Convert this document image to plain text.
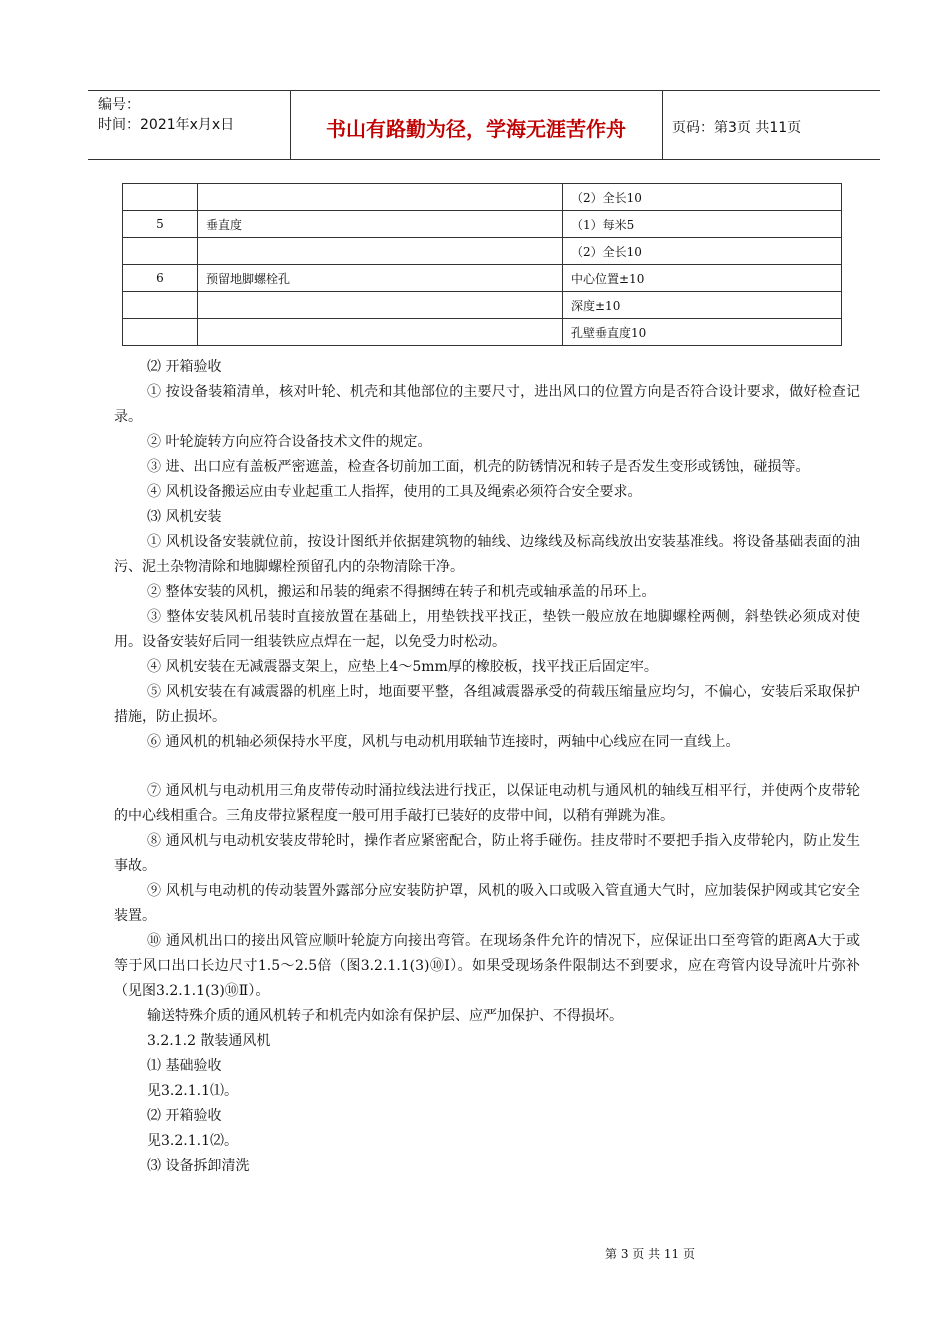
编号：
时间：2021年x月x日	书山有路勤为径，学海无涯苦作舟	页码：第3页 共11页
		（2）全长10
5	垂直度	（1）每米5
		（2）全长10
6	预留地脚螺栓孔	中心位置±10
		深度±10
		孔壁垂直度10

⑵ 开箱验收

① 按设备装箱清单，核对叶轮、机壳和其他部位的主要尺寸，进出风口的位置方向是否符合设计要求，做好检查记录。

② 叶轮旋转方向应符合设备技术文件的规定。

③ 进、出口应有盖板严密遮盖，检查各切前加工面，机壳的防锈情况和转子是否发生变形或锈蚀，碰损等。

④ 风机设备搬运应由专业起重工人指挥，使用的工具及绳索必须符合安全要求。

⑶ 风机安装

① 风机设备安装就位前，按设计图纸并依据建筑物的轴线、边缘线及标高线放出安装基准线。将设备基础表面的油污、泥土杂物清除和地脚螺栓预留孔内的杂物清除干净。

② 整体安装的风机，搬运和吊装的绳索不得捆缚在转子和机壳或轴承盖的吊环上。

③ 整体安装风机吊装时直接放置在基础上，用垫铁找平找正，垫铁一般应放在地脚螺栓两侧，斜垫铁必须成对使用。设备安装好后同一组装铁应点焊在一起，以免受力时松动。

④ 风机安装在无减震器支架上，应垫上4～5mm厚的橡胶板，找平找正后固定牢。

⑤ 风机安装在有减震器的机座上时，地面要平整，各组减震器承受的荷载压缩量应均匀，不偏心，安装后采取保护措施，防止损坏。

⑥ 通风机的机轴必须保持水平度，风机与电动机用联轴节连接时，两轴中心线应在同一直线上。

⑦ 通风机与电动机用三角皮带传动时涌拉线法进行找正，以保证电动机与通风机的轴线互相平行，并使两个皮带轮的中心线相重合。三角皮带拉紧程度一般可用手敲打已装好的皮带中间，以稍有弹跳为准。

⑧ 通风机与电动机安装皮带轮时，操作者应紧密配合，防止将手碰伤。挂皮带时不要把手指入皮带轮内，防止发生事故。

⑨ 风机与电动机的传动装置外露部分应安装防护罩，风机的吸入口或吸入管直通大气时，应加装保护网或其它安全装置。

⑩ 通风机出口的接出风管应顺叶轮旋方向接出弯管。在现场条件允许的情况下，应保证出口至弯管的距离A大于或等于风口出口长边尺寸1.5～2.5倍（图3.2.1.1(3)⑩Ⅰ）。如果受现场条件限制达不到要求，应在弯管内设导流叶片弥补（见图3.2.1.1(3)⑩Ⅱ）。

输送特殊介质的通风机转子和机壳内如涂有保护层、应严加保护、不得损坏。

3.2.1.2 散装通风机

⑴ 基础验收

见3.2.1.1⑴。

⑵ 开箱验收

见3.2.1.1⑵。

⑶ 设备拆卸清洗

第 3 页 共 11 页
